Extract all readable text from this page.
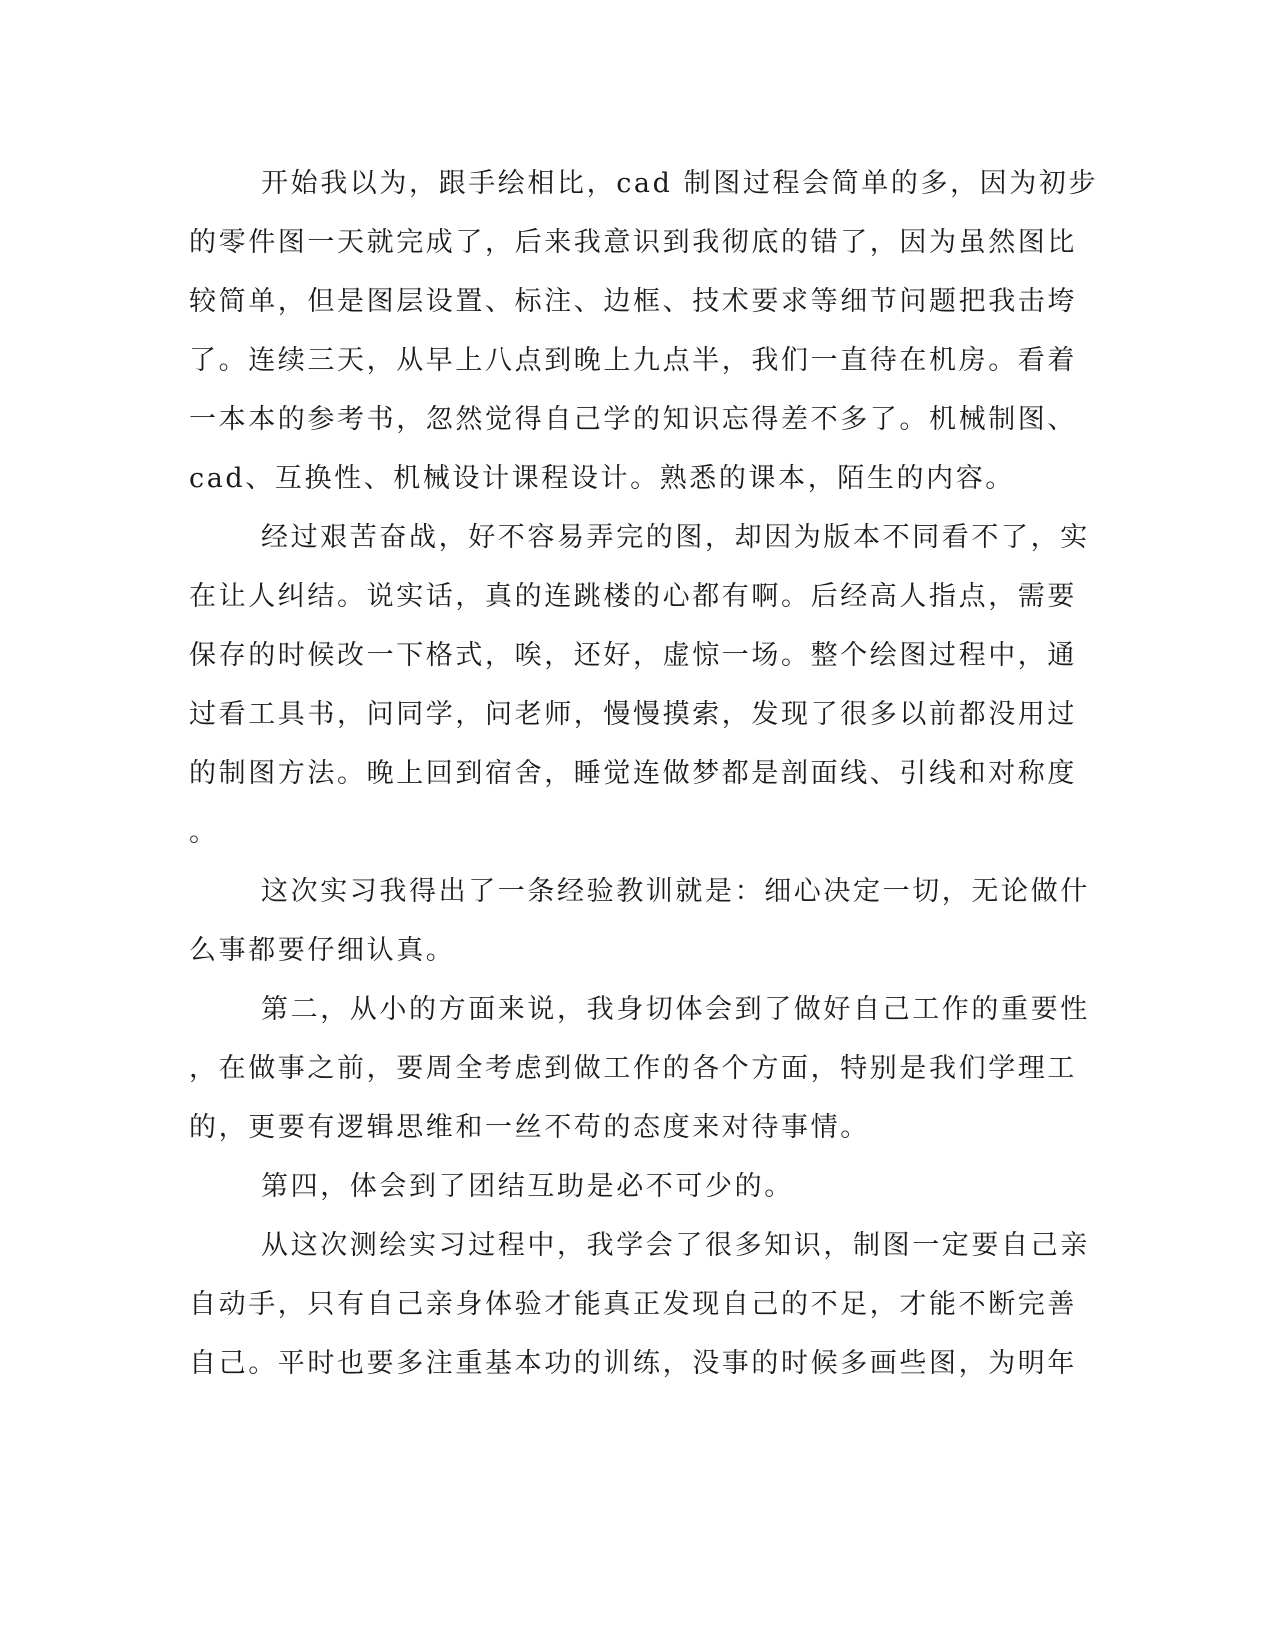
开始我以为，跟手绘相比，cad 制图过程会简单的多，因为初步
的零件图一天就完成了，后来我意识到我彻底的错了，因为虽然图比
较简单，但是图层设置、标注、边框、技术要求等细节问题把我击垮
了。连续三天，从早上八点到晚上九点半，我们一直待在机房。看着
一本本的参考书，忽然觉得自己学的知识忘得差不多了。机械制图、
cad、互换性、机械设计课程设计。熟悉的课本，陌生的内容。
经过艰苦奋战，好不容易弄完的图，却因为版本不同看不了，实
在让人纠结。说实话，真的连跳楼的心都有啊。后经高人指点，需要
保存的时候改一下格式，唉，还好，虚惊一场。整个绘图过程中，通
过看工具书，问同学，问老师，慢慢摸索，发现了很多以前都没用过
的制图方法。晚上回到宿舍，睡觉连做梦都是剖面线、引线和对称度
。
这次实习我得出了一条经验教训就是：细心决定一切，无论做什
么事都要仔细认真。
第二，从小的方面来说，我身切体会到了做好自己工作的重要性
，在做事之前，要周全考虑到做工作的各个方面，特别是我们学理工
的，更要有逻辑思维和一丝不苟的态度来对待事情。
第四，体会到了团结互助是必不可少的。
从这次测绘实习过程中，我学会了很多知识，制图一定要自己亲
自动手，只有自己亲身体验才能真正发现自己的不足，才能不断完善
自己。平时也要多注重基本功的训练，没事的时候多画些图，为明年
